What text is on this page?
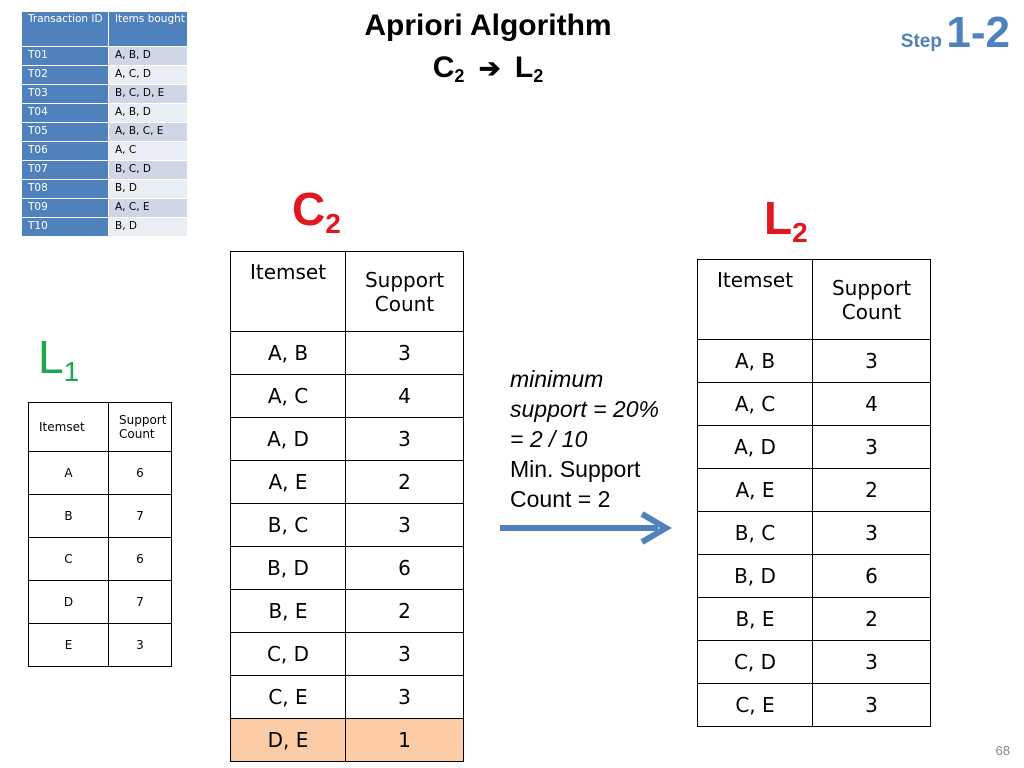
Transaction ID	Items bought
T01	A, B, D
T02	A, C, D
T03	B, C, D, E
T04	A, B, D
T05	A, B, C, E
T06	A, C
T07	B, C, D
T08	B, D
T09	A, C, E
T10	B, D
Apriori Algorithm
$C_2$ ➔ $L_2$
Step 1-2
$C_2$	$L_2$
$L_1$
Itemset	Support Count
A	6
B	7
C	6
D	7
E	3
Itemset	Support Count
A, B	3
A, C	4
A, D	3
A, E	2
B, C	3
B, D	6
B, E	2
C, D	3
C, E	3
D, E	1
minimum
support = 20%
= 2 / 10
Min. Support
Count = 2
Itemset	Support Count
A, B	3
A, C	4
A, D	3
A, E	2
B, C	3
B, D	6
B, E	2
C, D	3
C, E	3
68
